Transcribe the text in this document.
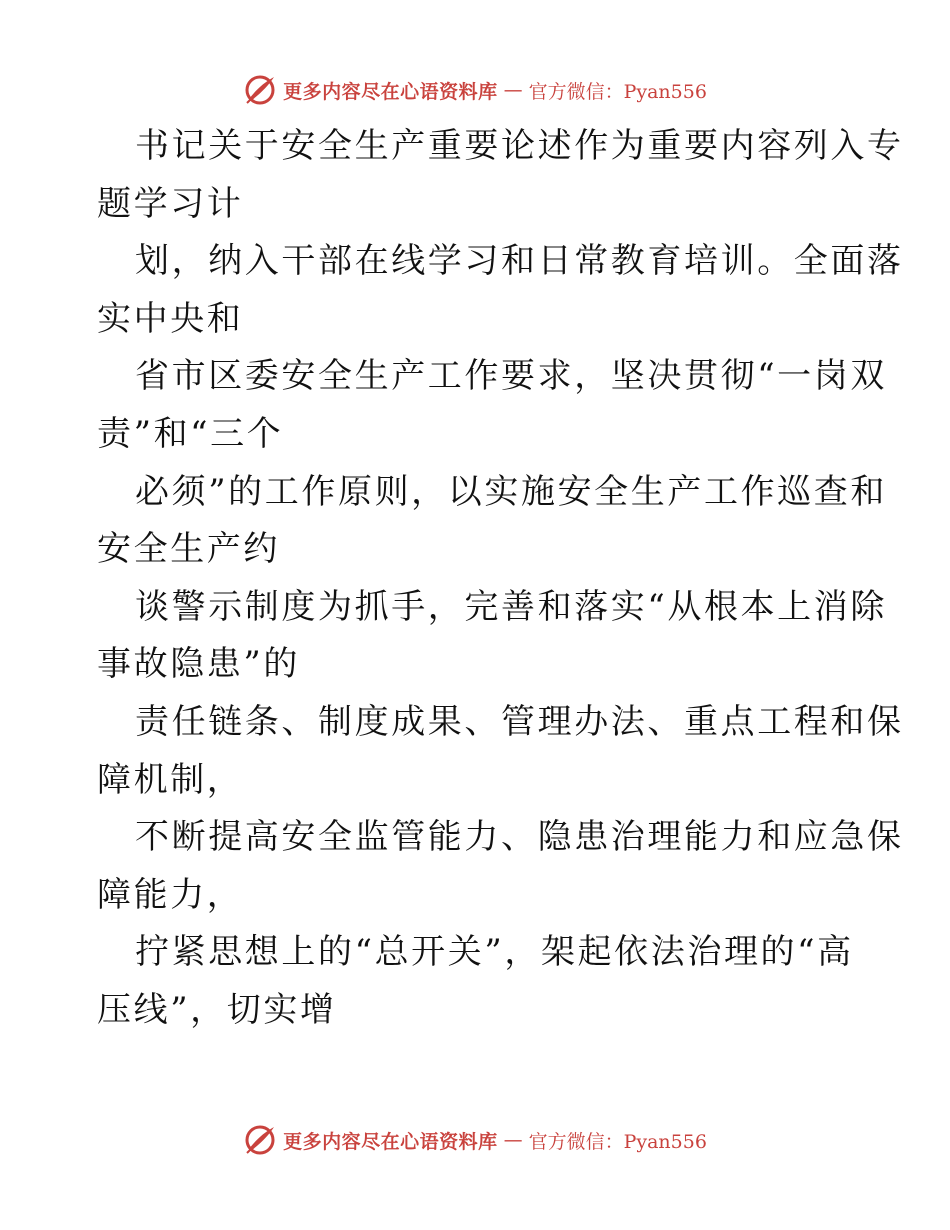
更多内容尽在心语资料库 — 官方微信：Pyan556
书记关于安全生产重要论述作为重要内容列入专
题学习计
划，纳入干部在线学习和日常教育培训。全面落
实中央和
省市区委安全生产工作要求，坚决贯彻“一岗双
责”和“三个
必须”的工作原则，以实施安全生产工作巡查和
安全生产约
谈警示制度为抓手，完善和落实“从根本上消除
事故隐患”的
责任链条、制度成果、管理办法、重点工程和保
障机制，
不断提高安全监管能力、隐患治理能力和应急保
障能力，
拧紧思想上的“总开关”，架起依法治理的“高
压线”，切实增
更多内容尽在心语资料库 — 官方微信：Pyan556
